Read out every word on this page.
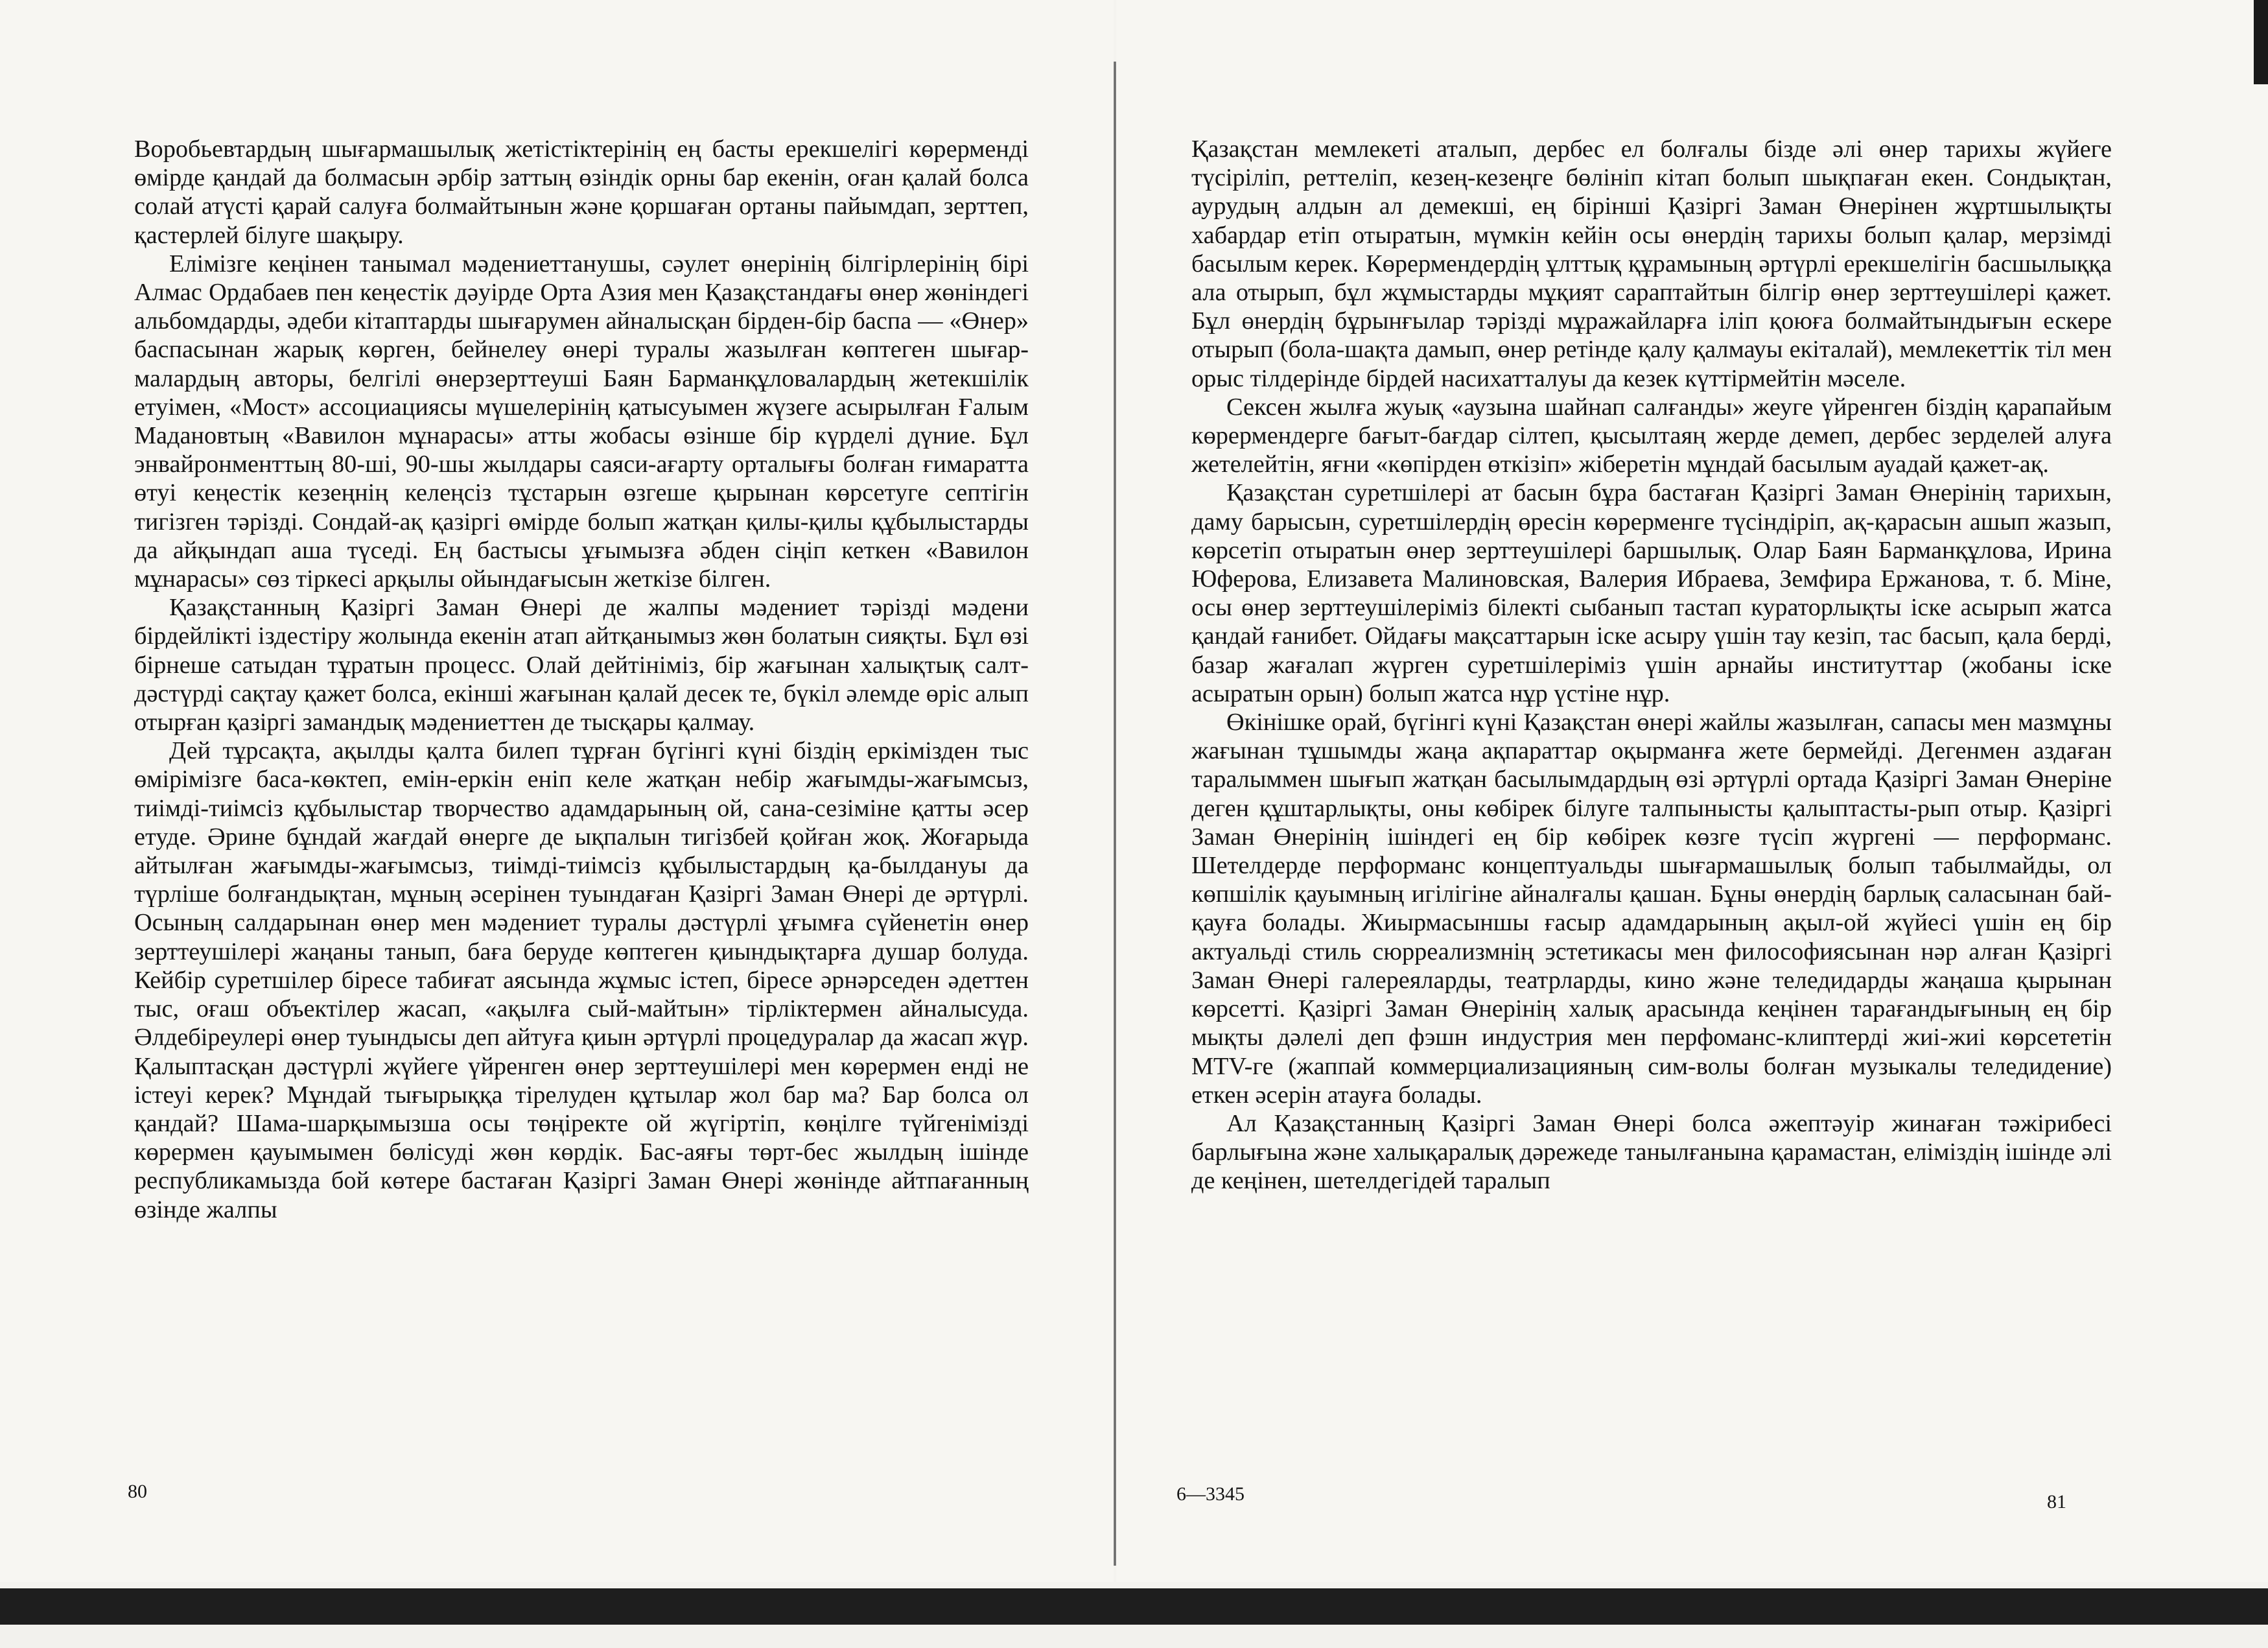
Воробьевтардың шығармашылық жетістіктерінің ең басты ерекшелігі көрерменді өмірде қандай да болмасын әрбір заттың өзіндік орны бар екенін, оған қалай болса солай атүсті қарай салуға болмайтынын және қоршаған ортаны пайымдап, зерттеп, қастерлей білуге шақыру.

Елімізге кеңінен танымал мәдениеттанушы, сәулет өнерінің білгірлерінің бірі Алмас Ордабаев пен кеңестік дәуірде Орта Азия мен Қазақстандағы өнер жөніндегі альбомдарды, әдеби кітаптарды шығарумен айналысқан бірден-бір баспа — «Өнер» баспасынан жарық көрген, бейнелеу өнері туралы жазылған көптеген шығар-малардың авторы, белгілі өнерзерттеуші Баян Барманқұловалардың жетекшілік етуімен, «Мост» ассоциациясы мүшелерінің қатысуымен жүзеге асырылған Ғалым Мадановтың «Вавилон мұнарасы» атты жобасы өзінше бір күрделі дүние. Бұл энвайронменттың 80-ші, 90-шы жылдары саяси-ағарту орталығы болған ғимаратта өтуі кеңестік кезеңнің келеңсіз тұстарын өзгеше қырынан көрсетуге септігін тигізген тәрізді. Сондай-ақ қазіргі өмірде болып жатқан қилы-қилы құбылыстарды да айқындап аша түседі. Ең бастысы ұғымызға әбден сіңіп кеткен «Вавилон мұнарасы» сөз тіркесі арқылы ойындағысын жеткізе білген.

Қазақстанның Қазіргі Заман Өнері де жалпы мәдениет тәрізді мәдени бірдейлікті іздестіру жолында екенін атап айтқанымыз жөн болатын сияқты. Бұл өзі бірнеше сатыдан тұратын процесс. Олай дейтініміз, бір жағынан халықтық салт-дәстүрді сақтау қажет болса, екінші жағынан қалай десек те, бүкіл әлемде өріс алып отырған қазіргі замандық мәдениеттен де тысқары қалмау.

Дей тұрсақта, ақылды қалта билеп тұрған бүгінгі күні біздің еркімізден тыс өмірімізге баса-көктеп, емін-еркін еніп келе жатқан небір жағымды-жағымсыз, тиімді-тиімсіз құбылыстар творчество адамдарының ой, сана-сезіміне қатты әсер етуде. Әрине бұндай жағдай өнерге де ықпалын тигізбей қойған жоқ. Жоғарыда айтылған жағымды-жағымсыз, тиімді-тиімсіз құбылыстардың қа-былдануы да түрліше болғандықтан, мұның әсерінен туындаған Қазіргі Заман Өнері де әртүрлі. Осының салдарынан өнер мен мәдениет туралы дәстүрлі ұғымға сүйенетін өнер зерттеушілері жаңаны танып, баға беруде көптеген қиындықтарға душар болуда. Кейбір суретшілер біресе табиғат аясында жұмыс істеп, біресе әрнәрседен әдеттен тыс, оғаш объектілер жасап, «ақылға сый-майтын» тірліктермен айналысуда. Әлдебіреулері өнер туындысы деп айтуға қиын әртүрлі процедуралар да жасап жүр. Қалыптасқан дәстүрлі жүйеге үйренген өнер зерттеушілері мен көрермен енді не істеуі керек? Мұндай тығырыққа тірелуден құтылар жол бар ма? Бар болса ол қандай? Шама-шарқымызша осы төңіректе ой жүгіртіп, көңілге түйгенімізді көрермен қауымымен бөлісуді жөн көрдік. Бас-аяғы төрт-бес жылдың ішінде республикамызда бой көтере бастаған Қазіргі Заман Өнері жөнінде айтпағанның өзінде жалпы

80

Қазақстан мемлекеті аталып, дербес ел болғалы бізде әлі өнер тарихы жүйеге түсіріліп, реттеліп, кезең-кезеңге бөлініп кітап болып шықпаған екен. Сондықтан, аурудың алдын ал демекші, ең бірінші Қазіргі Заман Өнерінен жұртшылықты хабардар етіп отыратын, мүмкін кейін осы өнердің тарихы болып қалар, мерзімді басылым керек. Көрермендердің ұлттық құрамының әртүрлі ерекшелігін басшылыққа ала отырып, бұл жұмыстарды мұқият сараптайтын білгір өнер зерттеушілері қажет. Бұл өнердің бұрынғылар тәрізді мұражайларға іліп қоюға болмайтындығын ескере отырып (бола-шақта дамып, өнер ретінде қалу қалмауы екіталай), мемлекеттік тіл мен орыс тілдерінде бірдей насихатталуы да кезек күттірмейтін мәселе.

Сексен жылға жуық «аузына шайнап салғанды» жеуге үйренген біздің қарапайым көрермендерге бағыт-бағдар сілтеп, қысылтаяң жерде демеп, дербес зерделей алуға жетелейтін, яғни «көпірден өткізіп» жіберетін мұндай басылым ауадай қажет-ақ.

Қазақстан суретшілері ат басын бұра бастаған Қазіргі Заман Өнерінің тарихын, даму барысын, суретшілердің өресін көрерменге түсіндіріп, ақ-қарасын ашып жазып, көрсетіп отыратын өнер зерттеушілері баршылық. Олар Баян Барманқұлова, Ирина Юферова, Елизавета Малиновская, Валерия Ибраева, Земфира Ержанова, т. б. Міне, осы өнер зерттеушілеріміз білекті сыбанып тастап кураторлықты іске асырып жатса қандай ғанибет. Ойдағы мақсаттарын іске асыру үшін тау кезіп, тас басып, қала берді, базар жағалап жүрген суретшілеріміз үшін арнайы институттар (жобаны іске асыратын орын) болып жатса нұр үстіне нұр.

Өкінішке орай, бүгінгі күні Қазақстан өнері жайлы жазылған, сапасы мен мазмұны жағынан тұшымды жаңа ақпараттар оқырманға жете бермейді. Дегенмен аздаған таралыммен шығып жатқан басылымдардың өзі әртүрлі ортада Қазіргі Заман Өнеріне деген құштарлықты, оны көбірек білуге талпынысты қалыптасты-рып отыр. Қазіргі Заман Өнерінің ішіндегі ең бір көбірек көзге түсіп жүргені — перформанс. Шетелдерде перформанс концептуальды шығармашылық болып табылмайды, ол көпшілік қауымның игілігіне айналғалы қашан. Бұны өнердің барлық саласынан бай-қауға болады. Жиырмасыншы ғасыр адамдарының ақыл-ой жүйесі үшін ең бір актуальді стиль сюрреализмнің эстетикасы мен философиясынан нәр алған Қазіргі Заман Өнері галереяларды, театрларды, кино және теледидарды жаңаша қырынан көрсетті. Қазіргі Заман Өнерінің халық арасында кеңінен тарағандығының ең бір мықты дәлелі деп фэшн индустрия мен перфоманс-клиптерді жиі-жиі көрсететін MTV-ге (жаппай коммерциализацияның сим-волы болған музыкалы теледидение) еткен әсерін атауға болады.

Ал Қазақстанның Қазіргі Заман Өнері болса әжептәуір жинаған тәжірибесі барлығына және халықаралық дәрежеде танылғанына қарамастан, еліміздің ішінде әлі де кеңінен, шетелдегідей таралып

6—3345	81
